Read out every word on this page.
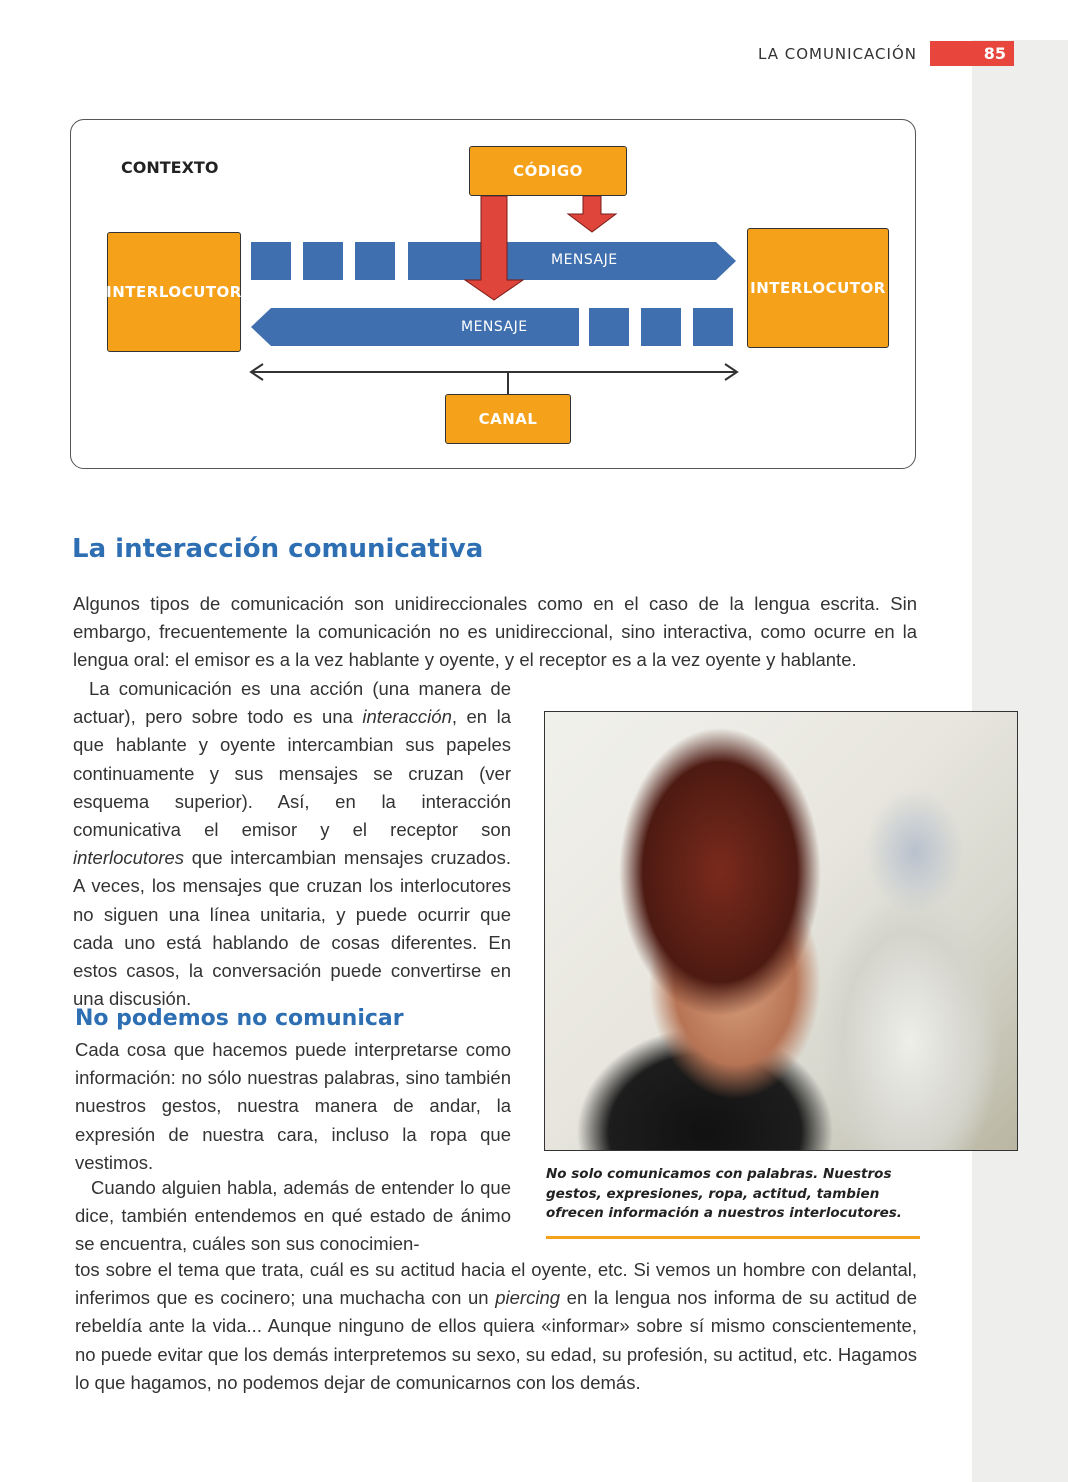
LA COMUNICACIÓN	85
CONTEXTO	CÓDIGO
INTERLOCUTOR	INTERLOCUTOR
CANAL
MENSAJE
MENSAJE
La interacción comunicativa
Algunos tipos de comunicación son unidireccionales como en el caso de la lengua escrita. Sin embargo, frecuentemente la comunicación no es unidireccional, sino interactiva, como ocurre en la lengua oral: el emisor es a la vez hablante y oyente, y el receptor es a la vez oyente y hablante.
La comunicación es una acción (una manera de actuar), pero sobre todo es una interacción, en la que hablante y oyente intercambian sus papeles continuamente y sus mensajes se cruzan (ver esquema superior). Así, en la interacción comunicativa el emisor y el receptor son interlocutores que intercambian mensajes cruzados. A veces, los mensajes que cruzan los interlocutores no siguen una línea unitaria, y puede ocurrir que cada uno está hablando de cosas diferentes. En estos casos, la conversación puede convertirse en una discusión.
No solo comunicamos con palabras. Nuestros gestos, expresiones, ropa, actitud, tambien ofrecen información a nuestros interlocutores.
No podemos no comunicar
Cada cosa que hacemos puede interpretarse como información: no sólo nuestras palabras, sino también nuestros gestos, nuestra manera de andar, la expresión de nuestra cara, incluso la ropa que vestimos.
Cuando alguien habla, además de entender lo que dice, también entendemos en qué estado de ánimo se encuentra, cuáles son sus conocimien-
tos sobre el tema que trata, cuál es su actitud hacia el oyente, etc. Si vemos un hombre con delantal, inferimos que es cocinero; una muchacha con un piercing en la lengua nos informa de su actitud de rebeldía ante la vida... Aunque ninguno de ellos quiera «informar» sobre sí mismo conscientemente, no puede evitar que los demás interpretemos su sexo, su edad, su profesión, su actitud, etc. Hagamos lo que hagamos, no podemos dejar de comunicarnos con los demás.
